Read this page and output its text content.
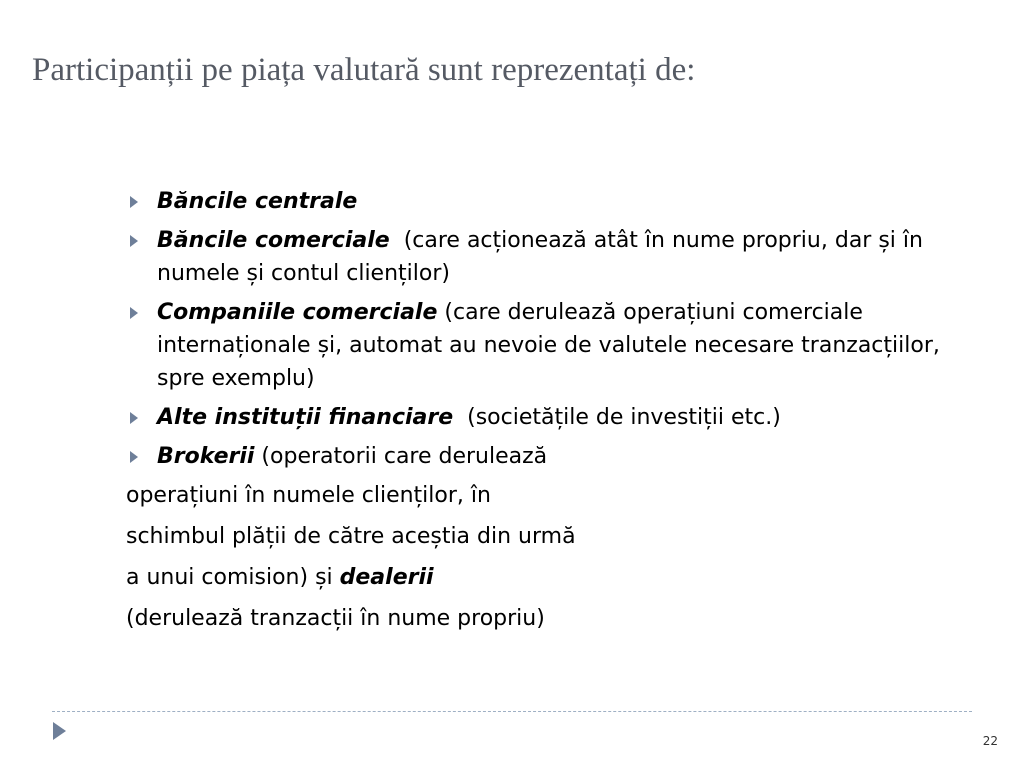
Participanții pe piața valutară sunt reprezentați de:
Băncile centrale
Băncile comerciale  (care acționează atât în nume propriu, dar și în numele și contul clienților)
Companiile comerciale (care derulează operațiuni comerciale internaționale și, automat au nevoie de valutele necesare tranzacțiilor, spre exemplu)
Alte instituții financiare  (societățile de investiții etc.)
Brokerii (operatorii care derulează
operațiuni în numele clienților, în
schimbul plății de către aceștia din urmă
a unui comision) și dealerii
(derulează tranzacții în nume propriu)
22
